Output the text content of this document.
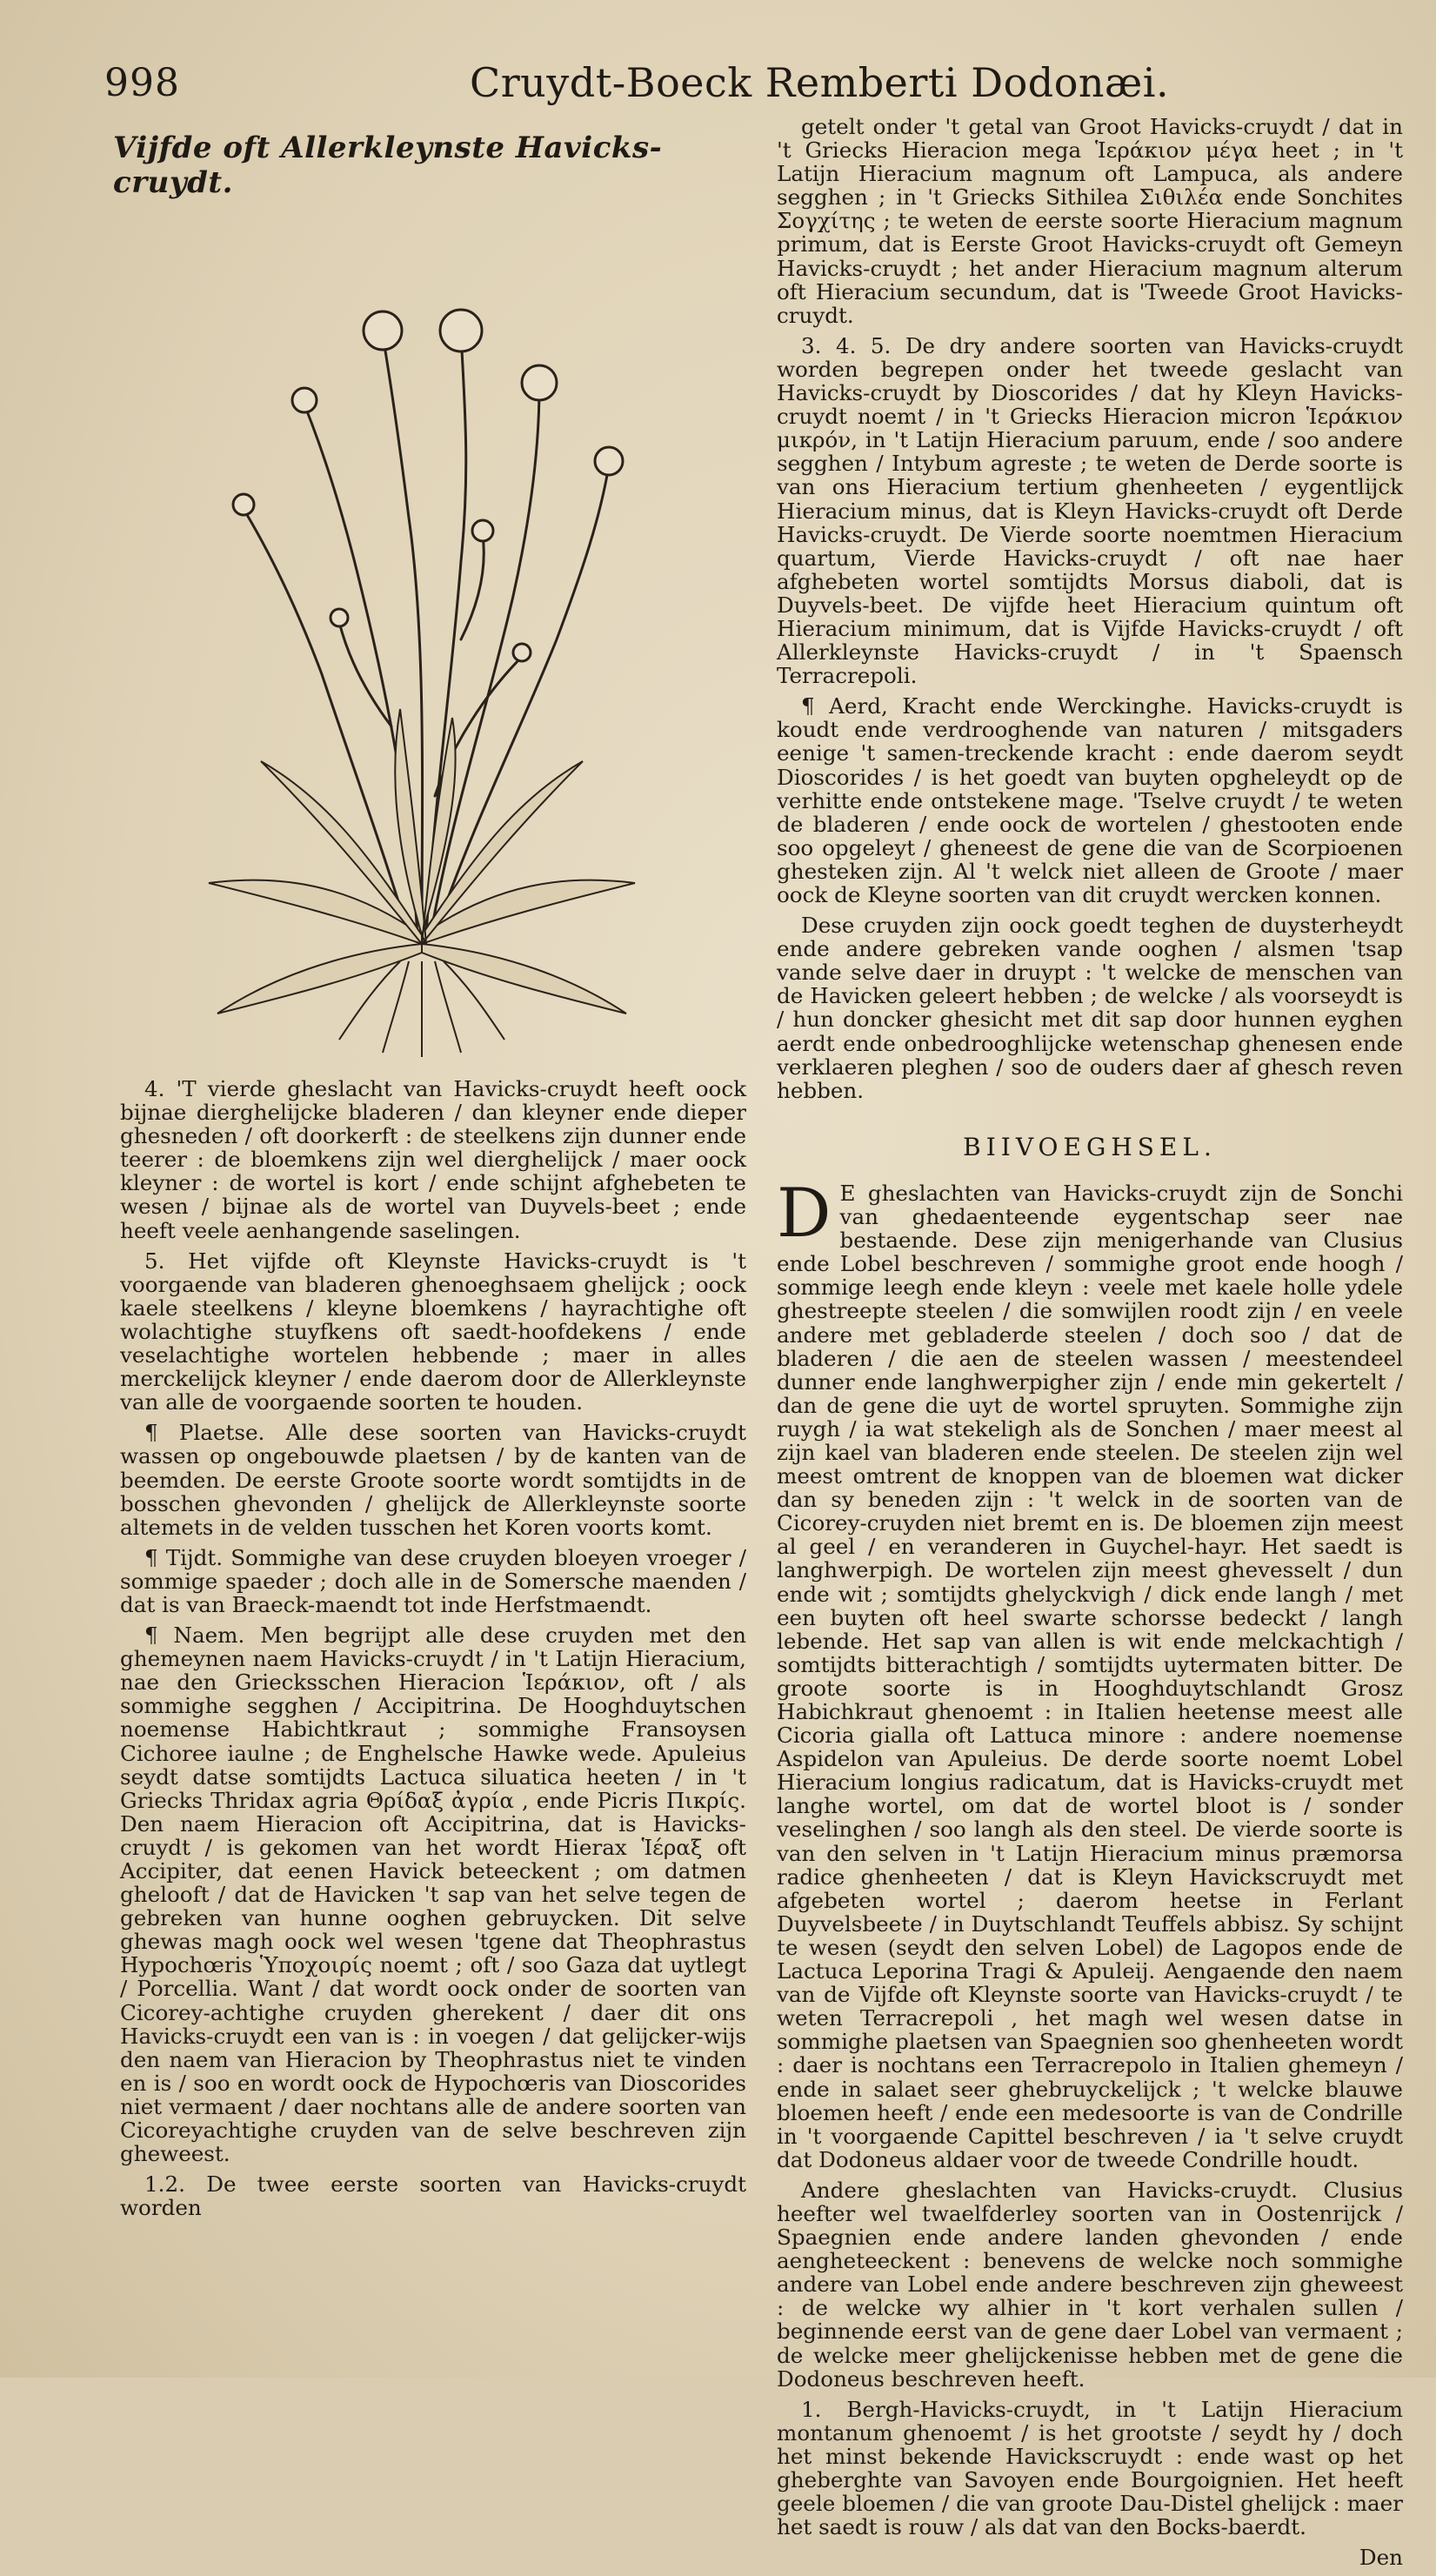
998	Cruydt-Boeck Remberti Dodonæi.
Vijfde oft Allerkleynste Havicks-cruydt.

4. 'T vierde gheslacht van Havicks-cruydt heeft oock bijnae dierghelijcke bladeren / dan kleyner ende dieper ghesneden / oft doorkerft : de steelkens zijn dunner ende teerer : de bloemkens zijn wel dierghelijck / maer oock kleyner : de wortel is kort / ende schijnt afghebeten te wesen / bijnae als de wortel van Duyvels-beet ; ende heeft veele aenhangende saselingen.

5. Het vijfde oft Kleynste Havicks-cruydt is 't voorgaende van bladeren ghenoeghsaem ghelijck ; oock kaele steelkens / kleyne bloemkens / hayrachtighe oft wolachtighe stuyfkens oft saedt-hoofdekens / ende veselachtighe wortelen hebbende ; maer in alles merckelijck kleyner / ende daerom door de Allerkleynste van alle de voorgaende soorten te houden.

¶ Plaetse. Alle dese soorten van Havicks-cruydt wassen op ongebouwde plaetsen / by de kanten van de beemden. De eerste Groote soorte wordt somtijdts in de bosschen ghevonden / ghelijck de Allerkleynste soorte altemets in de velden tusschen het Koren voorts komt.

¶ Tijdt. Sommighe van dese cruyden bloeyen vroeger / sommige spaeder ; doch alle in de Somersche maenden / dat is van Braeck-maendt tot inde Herfstmaendt.

¶ Naem. Men begrijpt alle dese cruyden met den ghemeynen naem Havicks-cruydt / in 't Latijn Hieracium, nae den Griecksschen Hieracion Ἱεράκιον, oft / als sommighe segghen / Accipitrina. De Hooghduytschen noemense Habichtkraut ; sommighe Fransoysen Cichoree iaulne ; de Enghelsche Hawke wede. Apuleius seydt datse somtijdts Lactuca siluatica heeten / in 't Griecks Thridax agria Θρίδαξ ἀγρία , ende Picris Πικρίς. Den naem Hieracion oft Accipitrina, dat is Havicks-cruydt / is gekomen van het wordt Hierax Ἱέραξ oft Accipiter, dat eenen Havick beteeckent ; om datmen ghelooft / dat de Havicken 't sap van het selve tegen de gebreken van hunne ooghen gebruycken. Dit selve ghewas magh oock wel wesen 'tgene dat Theophrastus Hypochœris Ὑποχοιρίς noemt ; oft / soo Gaza dat uytlegt / Porcellia. Want / dat wordt oock onder de soorten van Cicorey-achtighe cruyden gherekent / daer dit ons Havicks-cruydt een van is : in voegen / dat gelijcker-wijs den naem van Hieracion by Theophrastus niet te vinden en is / soo en wordt oock de Hypochœris van Dioscorides niet vermaent / daer nochtans alle de andere soorten van Cicoreyachtighe cruyden van de selve beschreven zijn gheweest.

1.2. De twee eerste soorten van Havicks-cruydt worden

getelt onder 't getal van Groot Havicks-cruydt / dat in 't Griecks Hieracion mega Ἱεράκιον μέγα heet ; in 't Latijn Hieracium magnum oft Lampuca, als andere segghen ; in 't Griecks Sithilea Σιθιλέα ende Sonchites Σογχίτης ; te weten de eerste soorte Hieracium magnum primum, dat is Eerste Groot Havicks-cruydt oft Gemeyn Havicks-cruydt ; het ander Hieracium magnum alterum oft Hieracium secundum, dat is 'Tweede Groot Havicks-cruydt.

3. 4. 5. De dry andere soorten van Havicks-cruydt worden begrepen onder het tweede geslacht van Havicks-cruydt by Dioscorides / dat hy Kleyn Havicks-cruydt noemt / in 't Griecks Hieracion micron Ἱεράκιον μικρόν, in 't Latijn Hieracium paruum, ende / soo andere segghen / Intybum agreste ; te weten de Derde soorte is van ons Hieracium tertium ghenheeten / eygentlijck Hieracium minus, dat is Kleyn Havicks-cruydt oft Derde Havicks-cruydt. De Vierde soorte noemtmen Hieracium quartum, Vierde Havicks-cruydt / oft nae haer afghebeten wortel somtijdts Morsus diaboli, dat is Duyvels-beet. De vijfde heet Hieracium quintum oft Hieracium minimum, dat is Vijfde Havicks-cruydt / oft Allerkleynste Havicks-cruydt / in 't Spaensch Terracrepoli.

¶ Aerd, Kracht ende Werckinghe. Havicks-cruydt is koudt ende verdrooghende van naturen / mitsgaders eenige 't samen-treckende kracht : ende daerom seydt Dioscorides / is het goedt van buyten opgheleydt op de verhitte ende ontstekene mage. 'Tselve cruydt / te weten de bladeren / ende oock de wortelen / ghestooten ende soo opgeleyt / gheneest de gene die van de Scorpioenen ghesteken zijn. Al 't welck niet alleen de Groote / maer oock de Kleyne soorten van dit cruydt wercken konnen.

Dese cruyden zijn oock goedt teghen de duysterheydt ende andere gebreken vande ooghen / alsmen 'tsap vande selve daer in druypt : 't welcke de menschen van de Havicken geleert hebben ; de welcke / als voorseydt is / hun doncker ghesicht met dit sap door hunnen eyghen aerdt ende onbedrooghlijcke wetenschap ghenesen ende verklaeren pleghen / soo de ouders daer af ghesch reven hebben.

BIIVOEGHSEL.

D E gheslachten van Havicks-cruydt zijn de Sonchi van ghedaenteende eygentschap seer nae bestaende. Dese zijn menigerhande van Clusius ende Lobel beschreven / sommighe groot ende hoogh / sommige leegh ende kleyn : veele met kaele holle ydele ghestreepte steelen / die somwijlen roodt zijn / en veele andere met gebladerde steelen / doch soo / dat de bladeren / die aen de steelen wassen / meestendeel dunner ende langhwerpigher zijn / ende min gekertelt / dan de gene die uyt de wortel spruyten. Sommighe zijn ruygh / ia wat stekeligh als de Sonchen / maer meest al zijn kael van bladeren ende steelen. De steelen zijn wel meest omtrent de knoppen van de bloemen wat dicker dan sy beneden zijn : 't welck in de soorten van de Cicorey-cruyden niet bremt en is. De bloemen zijn meest al geel / en veranderen in Guychel-hayr. Het saedt is langhwerpigh. De wortelen zijn meest ghevesselt / dun ende wit ; somtijdts ghelyckvigh / dick ende langh / met een buyten oft heel swarte schorsse bedeckt / langh lebende. Het sap van allen is wit ende melckachtigh / somtijdts bitterachtigh / somtijdts uytermaten bitter. De groote soorte is in Hooghduytschlandt Grosz Habichkraut ghenoemt : in Italien heetense meest alle Cicoria gialla oft Lattuca minore : andere noemense Aspidelon van Apuleius. De derde soorte noemt Lobel Hieracium longius radicatum, dat is Havicks-cruydt met langhe wortel, om dat de wortel bloot is / sonder veselinghen / soo langh als den steel. De vierde soorte is van den selven in 't Latijn Hieracium minus præmorsa radice ghenheeten / dat is Kleyn Havickscruydt met afgebeten wortel ; daerom heetse in Ferlant Duyvelsbeete / in Duytschlandt Teuffels abbisz. Sy schijnt te wesen (seydt den selven Lobel) de Lagopos ende de Lactuca Leporina Tragi & Apuleij. Aengaende den naem van de Vijfde oft Kleynste soorte van Havicks-cruydt / te weten Terracrepoli , het magh wel wesen datse in sommighe plaetsen van Spaegnien soo ghenheeten wordt : daer is nochtans een Terracrepolo in Italien ghemeyn / ende in salaet seer ghebruyckelijck ; 't welcke blauwe bloemen heeft / ende een medesoorte is van de Condrille in 't voorgaende Capittel beschreven / ia 't selve cruydt dat Dodoneus aldaer voor de tweede Condrille houdt.

Andere gheslachten van Havicks-cruydt. Clusius heefter wel twaelfderley soorten van in Oostenrijck / Spaegnien ende andere landen ghevonden / ende aengheteeckent : benevens de welcke noch sommighe andere van Lobel ende andere beschreven zijn gheweest : de welcke wy alhier in 't kort verhalen sullen / beginnende eerst van de gene daer Lobel van vermaent ; de welcke meer ghelijckenisse hebben met de gene die Dodoneus beschreven heeft.

1. Bergh-Havicks-cruydt, in 't Latijn Hieracium montanum ghenoemt / is het grootste / seydt hy / doch het minst bekende Havickscruydt : ende wast op het gheberghte van Savoyen ende Bourgoignien. Het heeft geele bloemen / die van groote Dau-Distel ghelijck : maer het saedt is rouw / als dat van den Bocks-baerdt.

Den
